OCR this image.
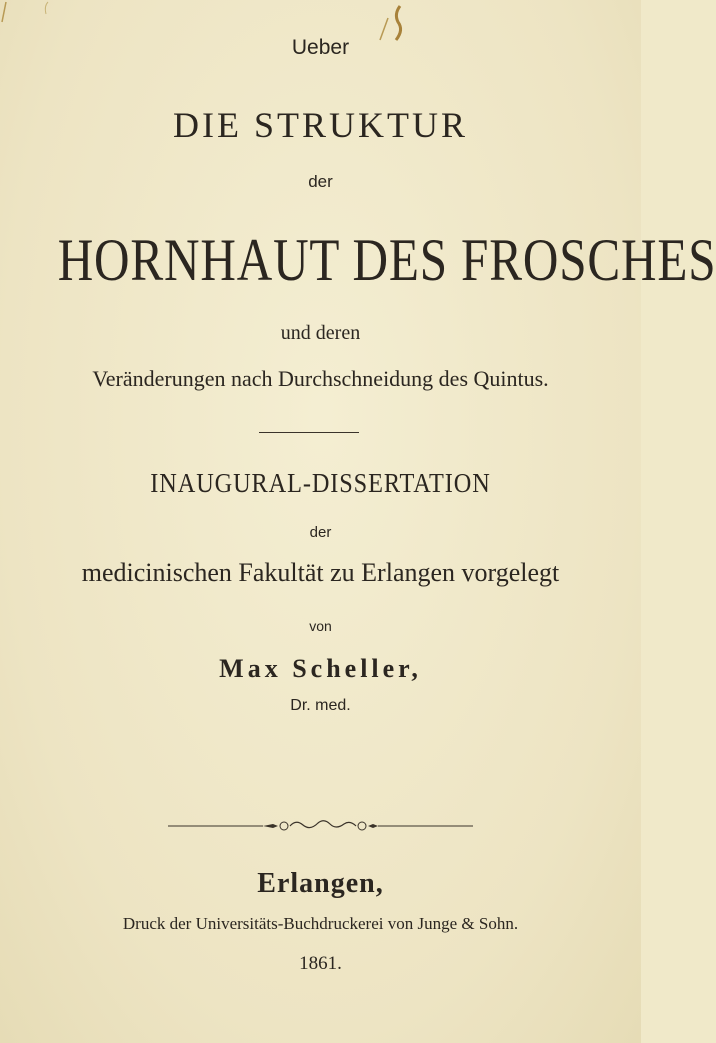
Ueber
DIE STRUKTUR
der
HORNHAUT DES FROSCHES
und deren
Veränderungen nach Durchschneidung des Quintus.
INAUGURAL-DISSERTATION
der
medicinischen Fakultät zu Erlangen vorgelegt
von
Max Scheller,
Dr. med.
Erlangen,
Druck der Universitäts-Buchdruckerei von Junge & Sohn.
1861.
